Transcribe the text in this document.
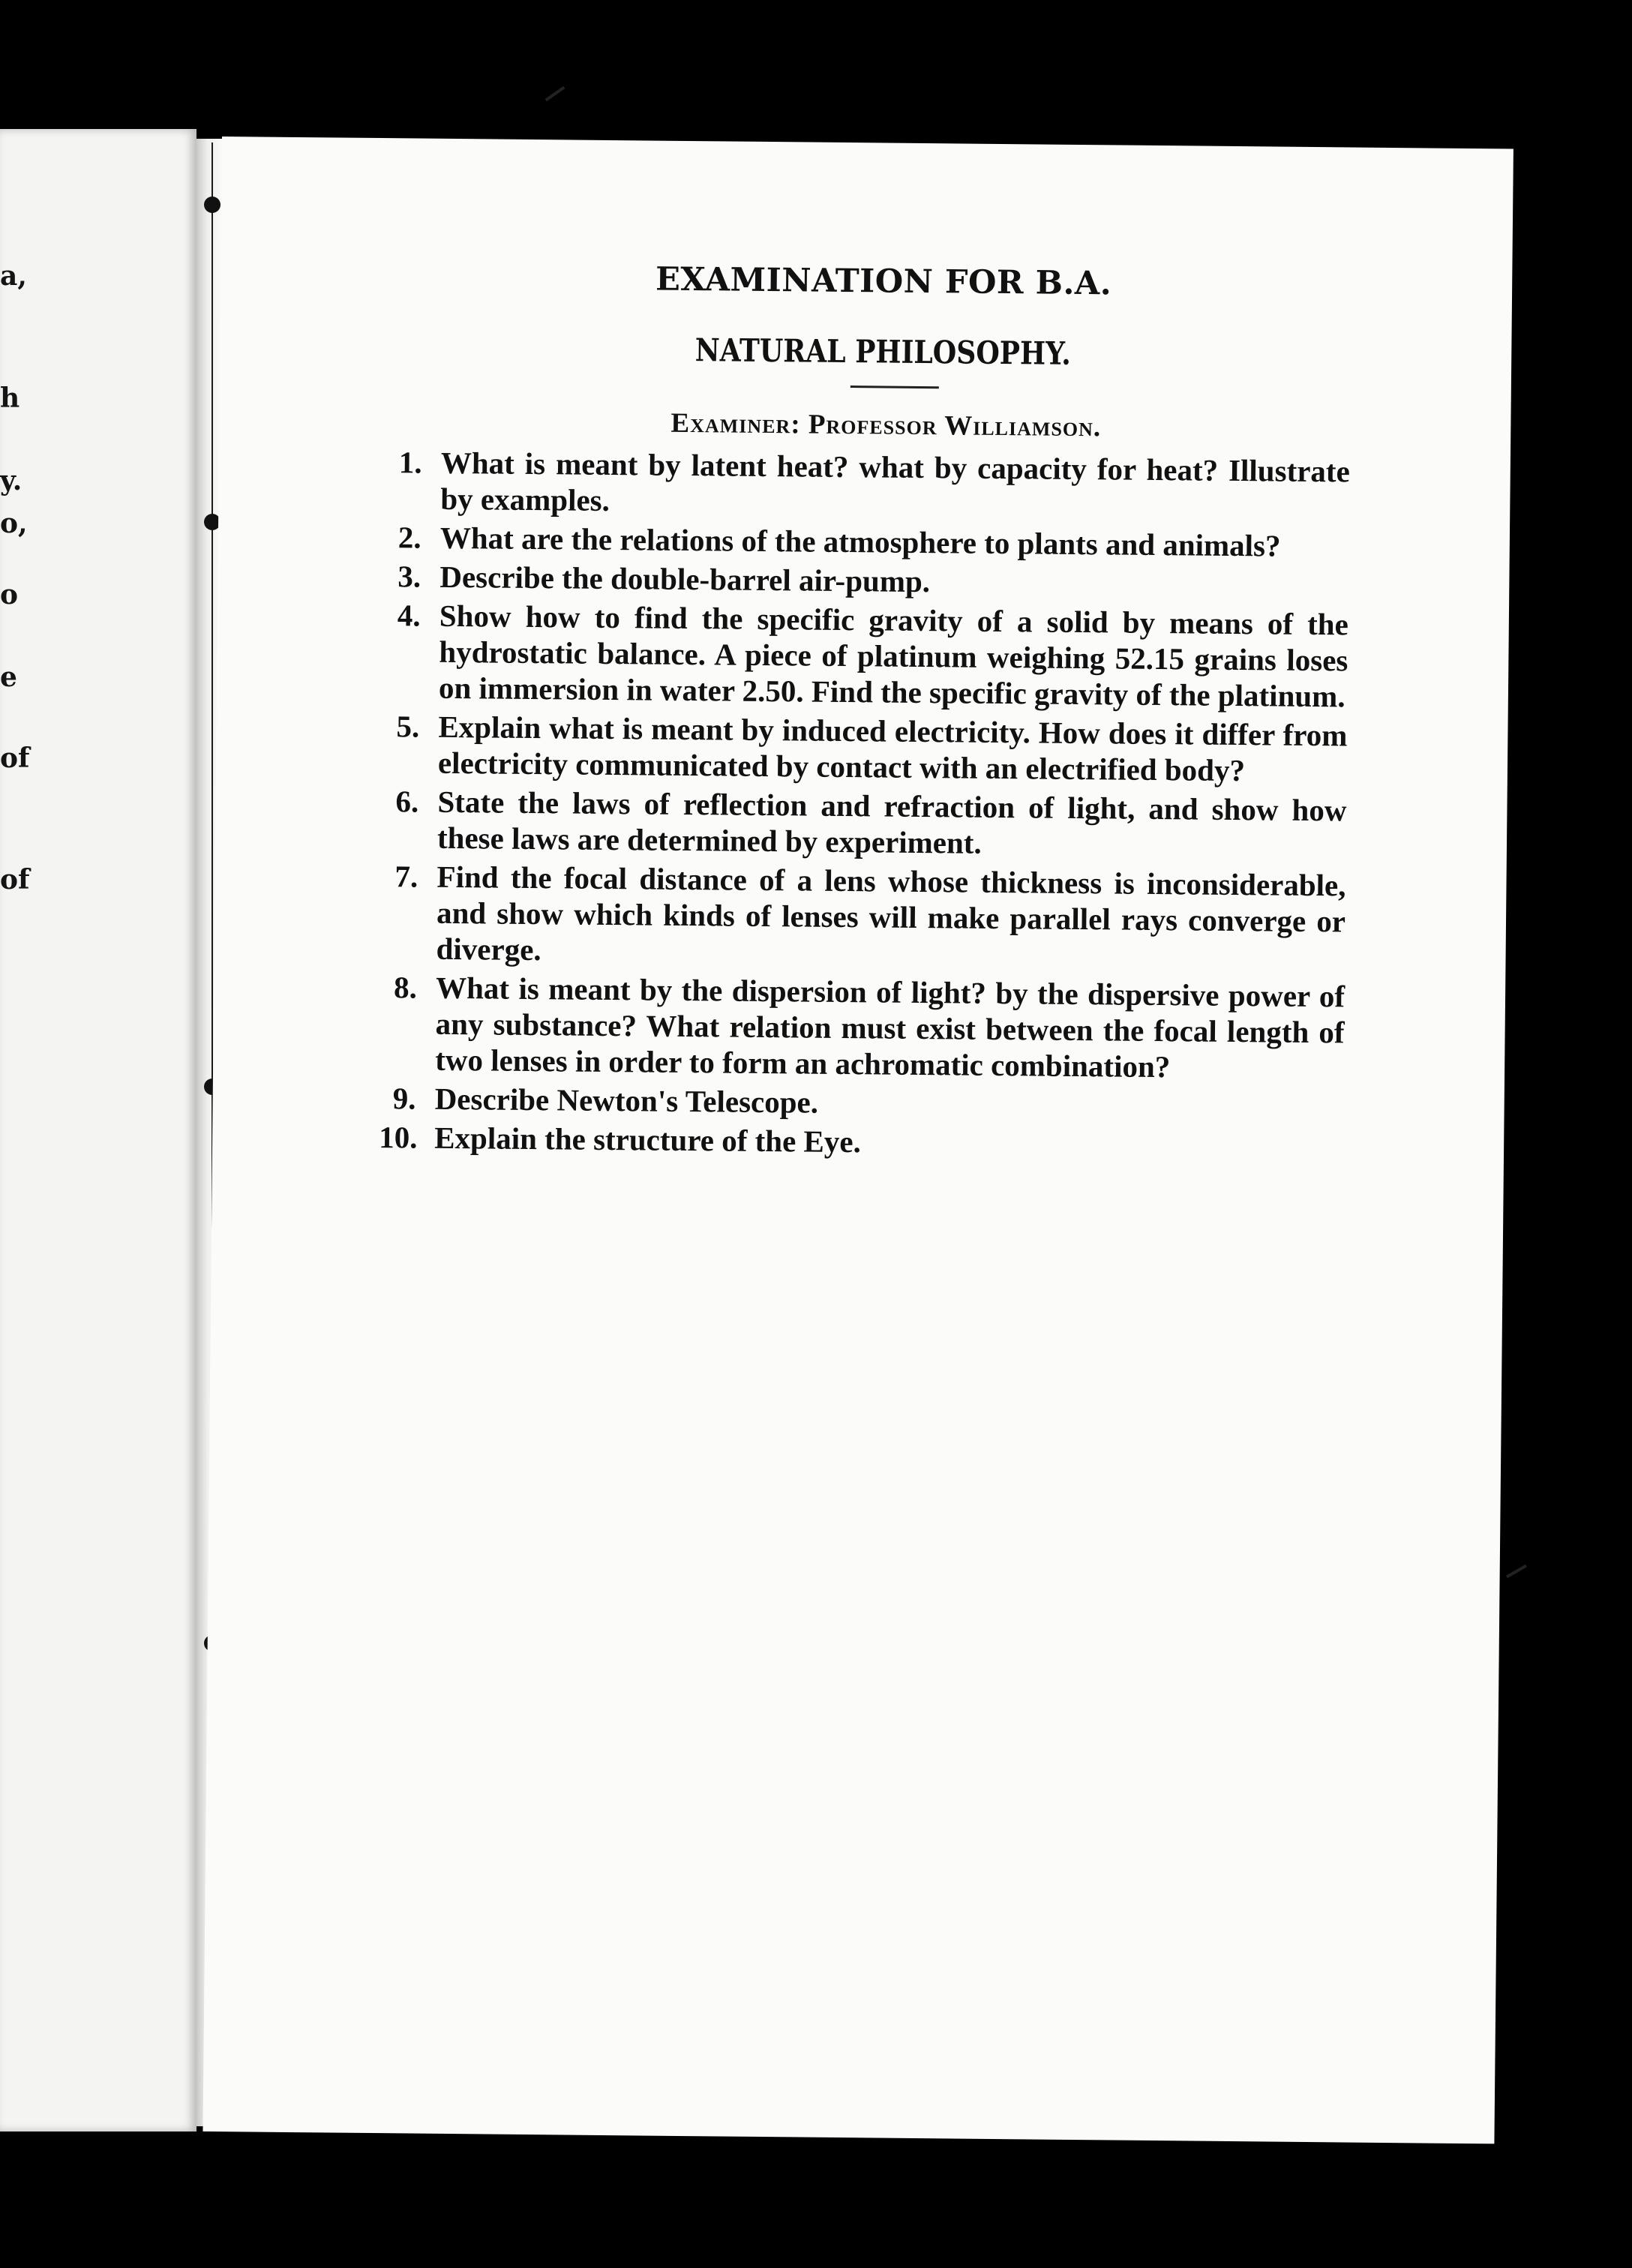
a,
h
y.
o,
o
e
of
of
EXAMINATION FOR B.A.
NATURAL PHILOSOPHY.
Examiner: Professor Williamson.
1. What is meant by latent heat? what by capacity for heat? Illustrate by examples.
2. What are the relations of the atmosphere to plants and animals?
3. Describe the double-barrel air-pump.
4. Show how to find the specific gravity of a solid by means of the hydrostatic balance. A piece of platinum weighing 52.15 grains loses on immersion in water 2.50. Find the specific gravity of the platinum.
5. Explain what is meant by induced electricity. How does it differ from electricity communicated by contact with an electrified body?
6. State the laws of reflection and refraction of light, and show how these laws are determined by experiment.
7. Find the focal distance of a lens whose thickness is inconsiderable, and show which kinds of lenses will make parallel rays converge or diverge.
8. What is meant by the dispersion of light? by the dispersive power of any substance? What relation must exist between the focal length of two lenses in order to form an achromatic combination?
9. Describe Newton's Telescope.
10. Explain the structure of the Eye.
